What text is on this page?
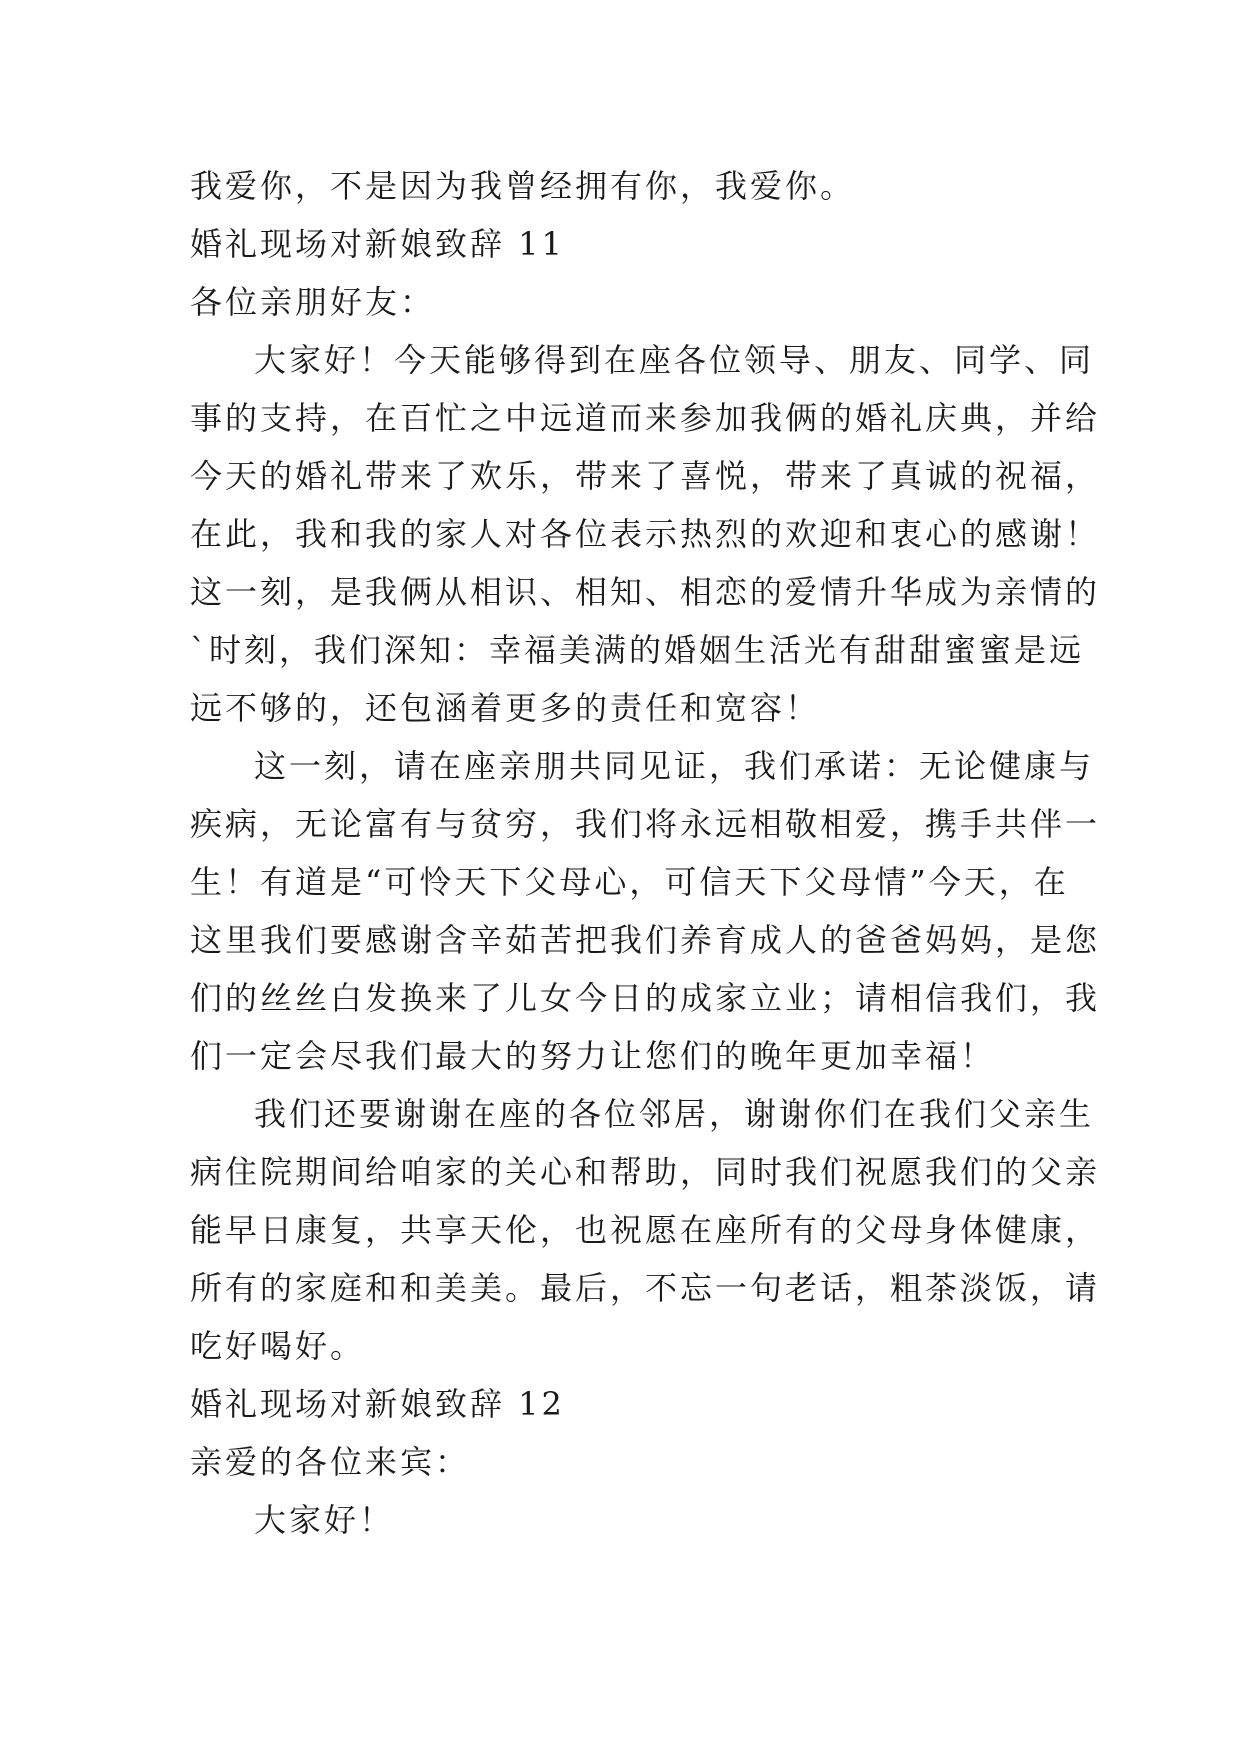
我爱你，不是因为我曾经拥有你，我爱你。

婚礼现场对新娘致辞 11

各位亲朋好友：

大家好！今天能够得到在座各位领导、朋友、同学、同

事的支持，在百忙之中远道而来参加我俩的婚礼庆典，并给

今天的婚礼带来了欢乐，带来了喜悦，带来了真诚的祝福，

在此，我和我的家人对各位表示热烈的欢迎和衷心的感谢！

这一刻，是我俩从相识、相知、相恋的爱情升华成为亲情的

`时刻，我们深知：幸福美满的婚姻生活光有甜甜蜜蜜是远

远不够的，还包涵着更多的责任和宽容！

这一刻，请在座亲朋共同见证，我们承诺：无论健康与

疾病，无论富有与贫穷，我们将永远相敬相爱，携手共伴一

生！有道是“可怜天下父母心，可信天下父母情”今天，在

这里我们要感谢含辛茹苦把我们养育成人的爸爸妈妈，是您

们的丝丝白发换来了儿女今日的成家立业；请相信我们，我

们一定会尽我们最大的努力让您们的晚年更加幸福！

我们还要谢谢在座的各位邻居，谢谢你们在我们父亲生

病住院期间给咱家的关心和帮助，同时我们祝愿我们的父亲

能早日康复，共享天伦，也祝愿在座所有的父母身体健康，

所有的家庭和和美美。最后，不忘一句老话，粗茶淡饭，请

吃好喝好。

婚礼现场对新娘致辞 12

亲爱的各位来宾：

大家好！
